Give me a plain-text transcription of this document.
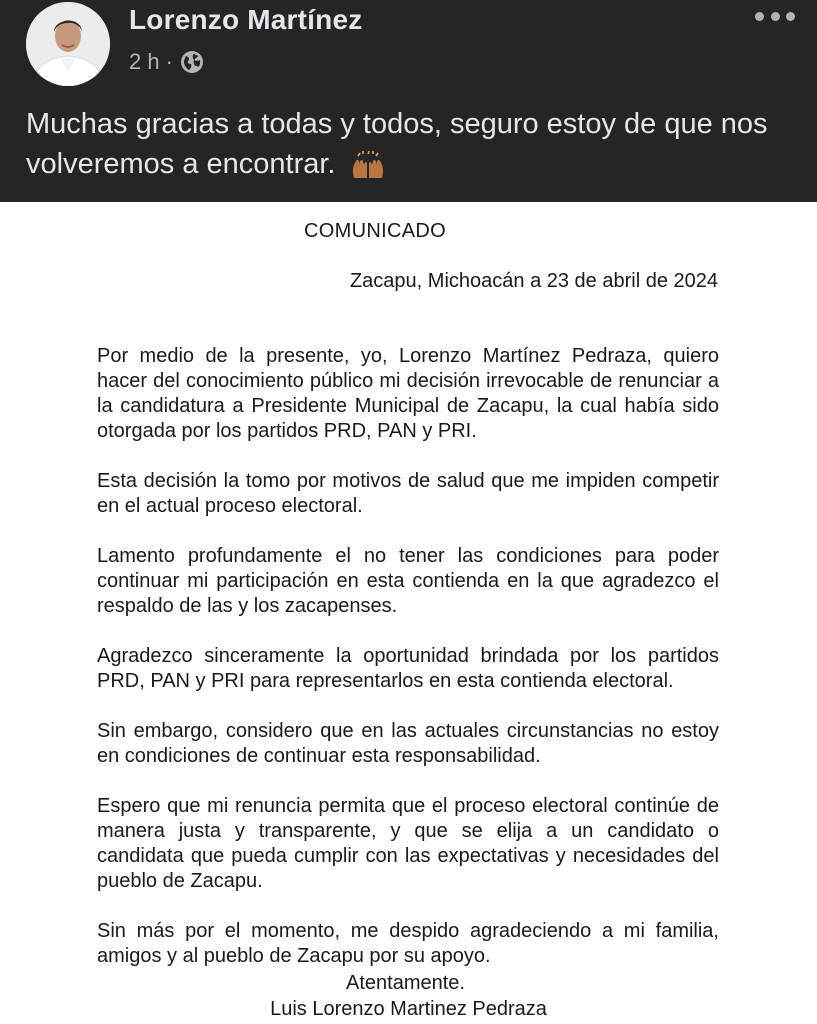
Lorenzo Martínez
2 h ·
Muchas gracias a todas y todos, seguro estoy de que nos volveremos a encontrar.
COMUNICADO
Zacapu, Michoacán a 23 de abril de 2024

Por medio de la presente, yo, Lorenzo Martínez Pedraza, quiero hacer del conocimiento público mi decisión irrevocable de renunciar a la candidatura a Presidente Municipal de Zacapu, la cual había sido otorgada por los partidos PRD, PAN y PRI.

Esta decisión la tomo por motivos de salud que me impiden competir en el actual proceso electoral.

Lamento profundamente el no tener las condiciones para poder continuar mi participación en esta contienda en la que agradezco el respaldo de las y los zacapenses.

Agradezco sinceramente la oportunidad brindada por los partidos PRD, PAN y PRI para representarlos en esta contienda electoral.

Sin embargo, considero que en las actuales circunstancias no estoy en condiciones de continuar esta responsabilidad.

Espero que mi renuncia permita que el proceso electoral continúe de manera justa y transparente, y que se elija a un candidato o candidata que pueda cumplir con las expectativas y necesidades del pueblo de Zacapu.

Sin más por el momento, me despido agradeciendo a mi familia, amigos y al pueblo de Zacapu por su apoyo.

Atentamente.
Luis Lorenzo Martinez Pedraza
